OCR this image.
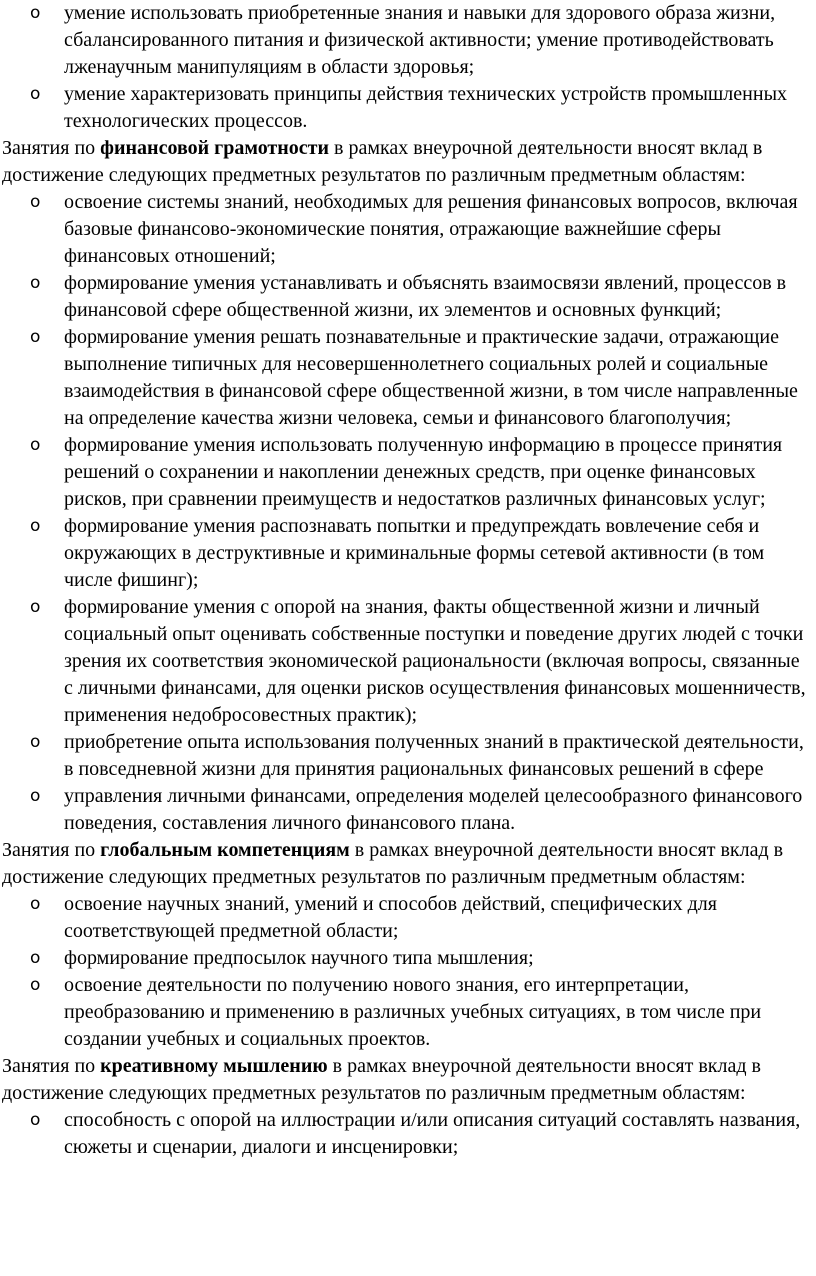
o умение использовать приобретенные знания и навыки для здорового образа жизни, сбалансированного питания и физической активности; умение противодействовать лженаучным манипуляциям в области здоровья;
o умение характеризовать принципы действия технических устройств промышленных технологических процессов.

Занятия по финансовой грамотности в рамках внеурочной деятельности вносят вклад в достижение следующих предметных результатов по различным предметным областям:

o освоение системы знаний, необходимых для решения финансовых вопросов, включая базовые финансово-экономические понятия, отражающие важнейшие сферы финансовых отношений;
o формирование умения устанавливать и объяснять взаимосвязи явлений, процессов в финансовой сфере общественной жизни, их элементов и основных функций;
o формирование умения решать познавательные и практические задачи, отражающие выполнение типичных для несовершеннолетнего социальных ролей и социальные взаимодействия в финансовой сфере общественной жизни, в том числе направленные на определение качества жизни человека, семьи и финансового благополучия;
o формирование умения использовать полученную информацию в процессе принятия решений о сохранении и накоплении денежных средств, при оценке финансовых рисков, при сравнении преимуществ и недостатков различных финансовых услуг;
o формирование умения распознавать попытки и предупреждать вовлечение себя и окружающих в деструктивные и криминальные формы сетевой активности (в том числе фишинг);
o формирование умения с опорой на знания, факты общественной жизни и личный социальный опыт оценивать собственные поступки и поведение других людей с точки зрения их соответствия экономической рациональности (включая вопросы, связанные с личными финансами, для оценки рисков осуществления финансовых мошенничеств, применения недобросовестных практик);
o приобретение опыта использования полученных знаний в практической деятельности, в повседневной жизни для принятия рациональных финансовых решений в сфере
o управления личными финансами, определения моделей целесообразного финансового поведения, составления личного финансового плана.

Занятия по глобальным компетенциям в рамках внеурочной деятельности вносят вклад в достижение следующих предметных результатов по различным предметным областям:

o освоение научных знаний, умений и способов действий, специфических для соответствующей предметной области;
o формирование предпосылок научного типа мышления;
o освоение деятельности по получению нового знания, его интерпретации, преобразованию и применению в различных учебных ситуациях, в том числе при создании учебных и социальных проектов.

Занятия по креативному мышлению в рамках внеурочной деятельности вносят вклад в достижение следующих предметных результатов по различным предметным областям:

o способность с опорой на иллюстрации и/или описания ситуаций составлять названия, сюжеты и сценарии, диалоги и инсценировки;
